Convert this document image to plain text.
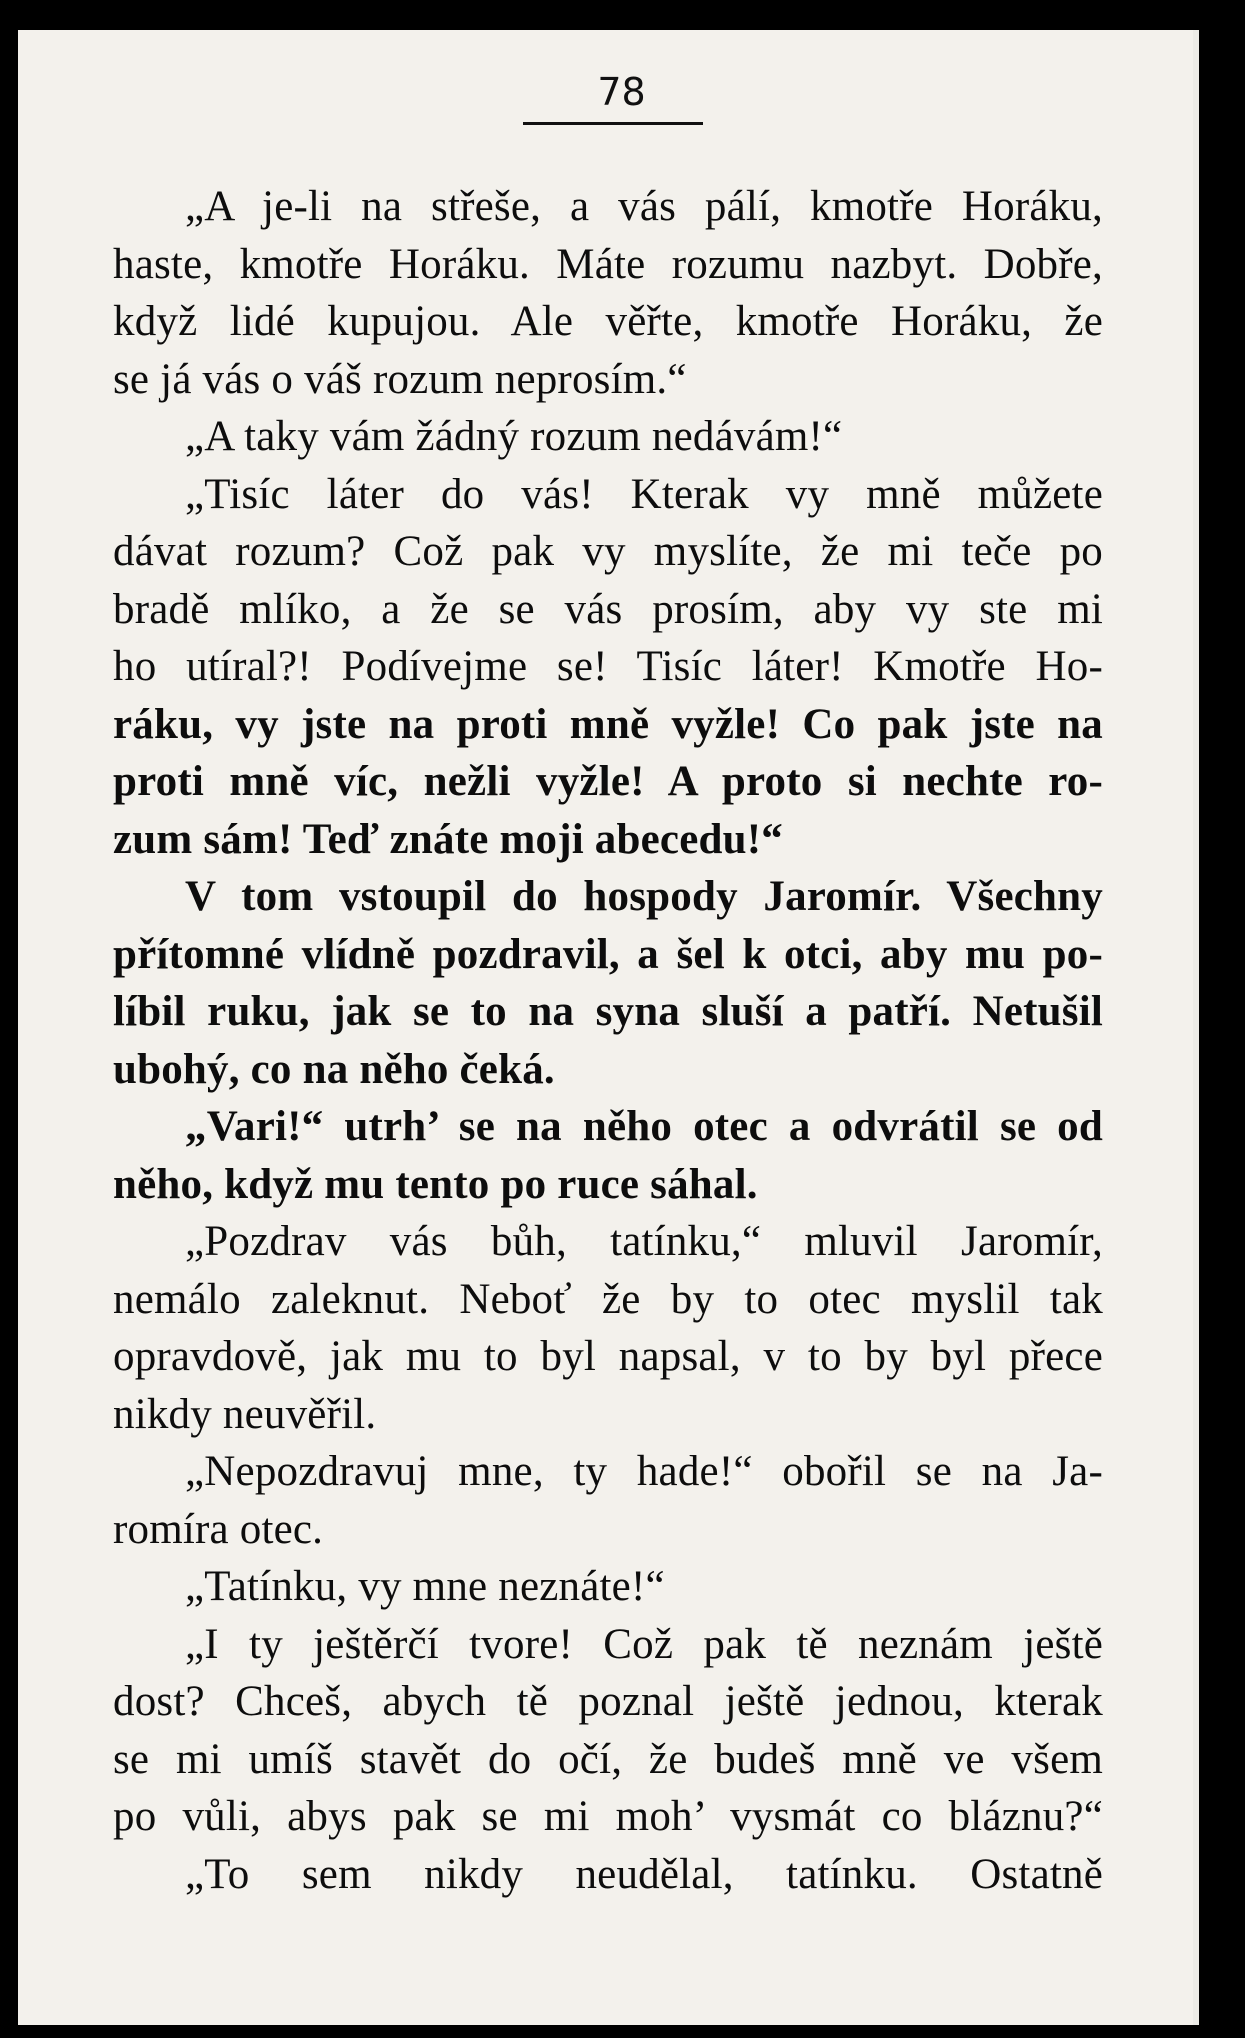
78
„A je-li na střeše, a vás pálí, kmotře Horáku,
haste, kmotře Horáku. Máte rozumu nazbyt. Dobře,
když lidé kupujou. Ale věřte, kmotře Horáku, že
se já vás o váš rozum neprosím.“
„A taky vám žádný rozum nedávám!“
„Tisíc láter do vás! Kterak vy mně můžete
dávat rozum? Což pak vy myslíte, že mi teče po
bradě mlíko, a že se vás prosím, aby vy ste mi
ho utíral?! Podívejme se! Tisíc láter! Kmotře Ho-
ráku, vy jste na proti mně vyžle! Co pak jste na
proti mně víc, nežli vyžle! A proto si nechte ro-
zum sám! Teď znáte moji abecedu!“
V tom vstoupil do hospody Jaromír. Všechny
přítomné vlídně pozdravil, a šel k otci, aby mu po-
líbil ruku, jak se to na syna sluší a patří. Netušil
ubohý, co na něho čeká.
„Vari!“ utrh’ se na něho otec a odvrátil se od
něho, když mu tento po ruce sáhal.
„Pozdrav vás bůh, tatínku,“ mluvil Jaromír,
nemálo zaleknut. Neboť že by to otec myslil tak
opravdově, jak mu to byl napsal, v to by byl přece
nikdy neuvěřil.
„Nepozdravuj mne, ty hade!“ obořil se na Ja-
romíra otec.
„Tatínku, vy mne neznáte!“
„I ty ještěrčí tvore! Což pak tě neznám ještě
dost? Chceš, abych tě poznal ještě jednou, kterak
se mi umíš stavět do očí, že budeš mně ve všem
po vůli, abys pak se mi moh’ vysmát co bláznu?“
„To sem nikdy neudělal, tatínku. Ostatně
